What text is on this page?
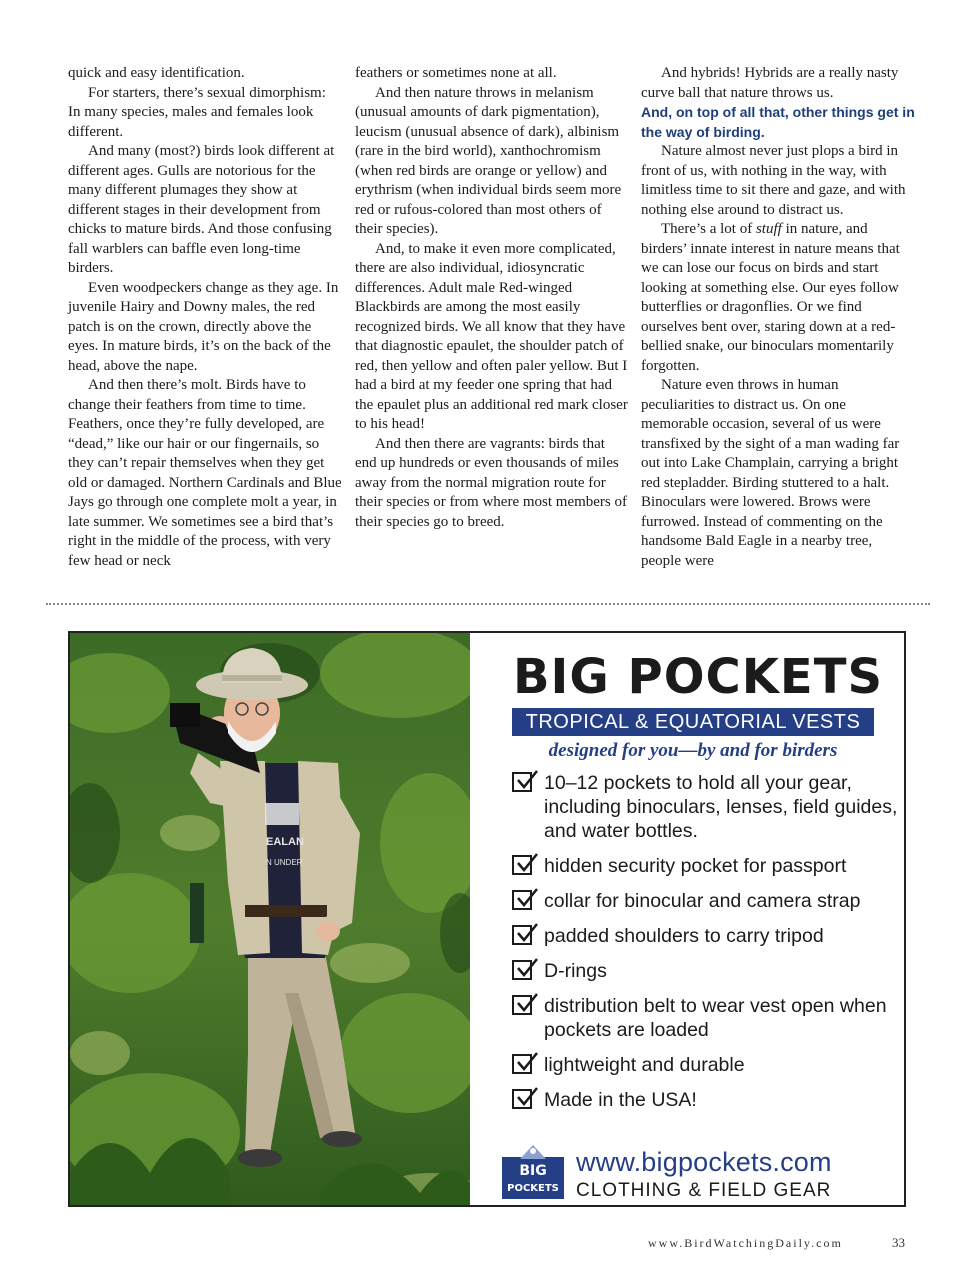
quick and easy identification.

For starters, there’s sexual dimorphism: In many species, males and females look different.

And many (most?) birds look different at different ages. Gulls are notorious for the many different plumages they show at different stages in their development from chicks to mature birds. And those confusing fall warblers can baffle even long-time birders.

Even woodpeckers change as they age. In juvenile Hairy and Downy males, the red patch is on the crown, directly above the eyes. In mature birds, it’s on the back of the head, above the nape.

And then there’s molt. Birds have to change their feathers from time to time. Feathers, once they’re fully developed, are “dead,” like our hair or our fingernails, so they can’t repair themselves when they get old or damaged. Northern Cardinals and Blue Jays go through one complete molt a year, in late summer. We sometimes see a bird that’s right in the middle of the process, with very few head or neck

feathers or sometimes none at all.

And then nature throws in melanism (unusual amounts of dark pigmentation), leucism (unusual absence of dark), albinism (rare in the bird world), xanthochromism (when red birds are orange or yellow) and erythrism (when individual birds seem more red or rufous-colored than most others of their species).

And, to make it even more complicated, there are also individual, idiosyncratic differences. Adult male Red-winged Blackbirds are among the most easily recognized birds. We all know that they have that diagnostic epaulet, the shoulder patch of red, then yellow and often paler yellow. But I had a bird at my feeder one spring that had the epaulet plus an additional red mark closer to his head!

And then there are vagrants: birds that end up hundreds or even thousands of miles away from the normal migration route for their species or from where most members of their species go to breed.

And hybrids! Hybrids are a really nasty curve ball that nature throws us.

And, on top of all that, other things get in the way of birding.

Nature almost never just plops a bird in front of us, with nothing in the way, with limitless time to sit there and gaze, and with nothing else around to distract us.

There’s a lot of stuff in nature, and birders’ innate interest in nature means that we can lose our focus on birds and start looking at something else. Our eyes follow butterflies or dragonflies. Or we find ourselves bent over, staring down at a red-bellied snake, our binoculars momentarily forgotten.

Nature even throws in human peculiarities to distract us. On one memorable occasion, several of us were transfixed by the sight of a man wading far out into Lake Champlain, carrying a bright red stepladder. Birding stuttered to a halt. Binoculars were lowered. Brows were furrowed. Instead of commenting on the handsome Bald Eagle in a nearby tree, people were

EALAN
N UNDER
BIG POCKETS
TROPICAL & EQUATORIAL VESTS
designed for you—by and for birders
10–12 pockets to hold all your gear, including binoculars, lenses, field guides, and water bottles.
hidden security pocket for passport
collar for binocular and camera strap
padded shoulders to carry tripod
D-rings
distribution belt to wear vest open when pockets are loaded
lightweight and durable
Made in the USA!
BIG
POCKETS
www.bigpockets.com
CLOTHING & FIELD GEAR
www.BirdWatchingDaily.com	33
